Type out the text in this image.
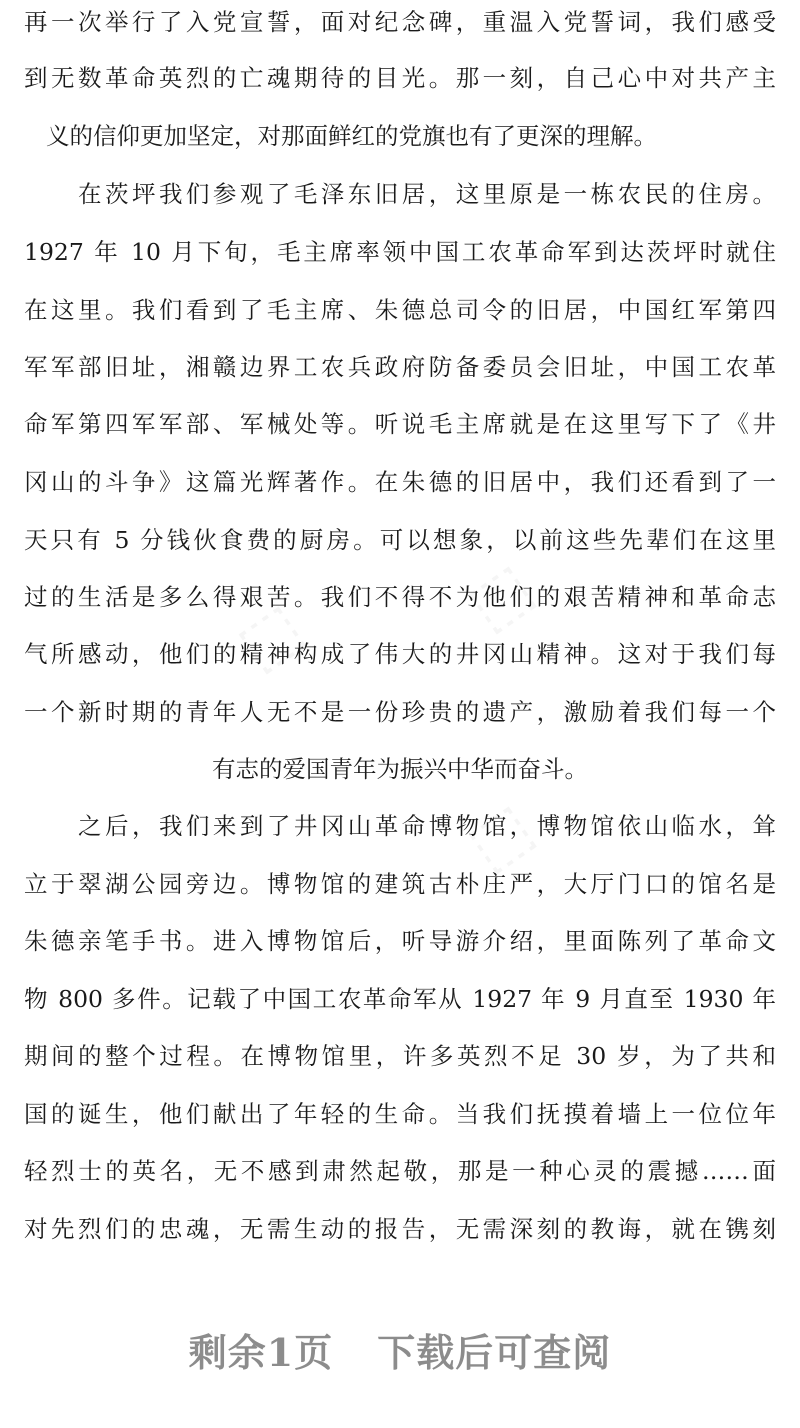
⬚
⬚
⬚
再一次举行了入党宣誓，面对纪念碑，重温入党誓词，我们感受
到无数革命英烈的亡魂期待的目光。那一刻，自己心中对共产主
义的信仰更加坚定，对那面鲜红的党旗也有了更深的理解。
在茨坪我们参观了毛泽东旧居，这里原是一栋农民的住房。
1927 年 10 月下旬，毛主席率领中国工农革命军到达茨坪时就住
在这里。我们看到了毛主席、朱德总司令的旧居，中国红军第四
军军部旧址，湘赣边界工农兵政府防备委员会旧址，中国工农革
命军第四军军部、军械处等。听说毛主席就是在这里写下了《井
冈山的斗争》这篇光辉著作。在朱德的旧居中，我们还看到了一
天只有 5 分钱伙食费的厨房。可以想象，以前这些先辈们在这里
过的生活是多么得艰苦。我们不得不为他们的艰苦精神和革命志
气所感动，他们的精神构成了伟大的井冈山精神。这对于我们每
一个新时期的青年人无不是一份珍贵的遗产，激励着我们每一个
有志的爱国青年为振兴中华而奋斗。
之后，我们来到了井冈山革命博物馆，博物馆依山临水，耸
立于翠湖公园旁边。博物馆的建筑古朴庄严，大厅门口的馆名是
朱德亲笔手书。进入博物馆后，听导游介绍，里面陈列了革命文
物 800 多件。记载了中国工农革命军从 1927 年 9 月直至 1930 年
期间的整个过程。在博物馆里，许多英烈不足 30 岁，为了共和
国的诞生，他们献出了年轻的生命。当我们抚摸着墙上一位位年
轻烈士的英名，无不感到肃然起敬，那是一种心灵的震撼……面
对先烈们的忠魂，无需生动的报告，无需深刻的教诲，就在镌刻
剩余1页 下载后可查阅
